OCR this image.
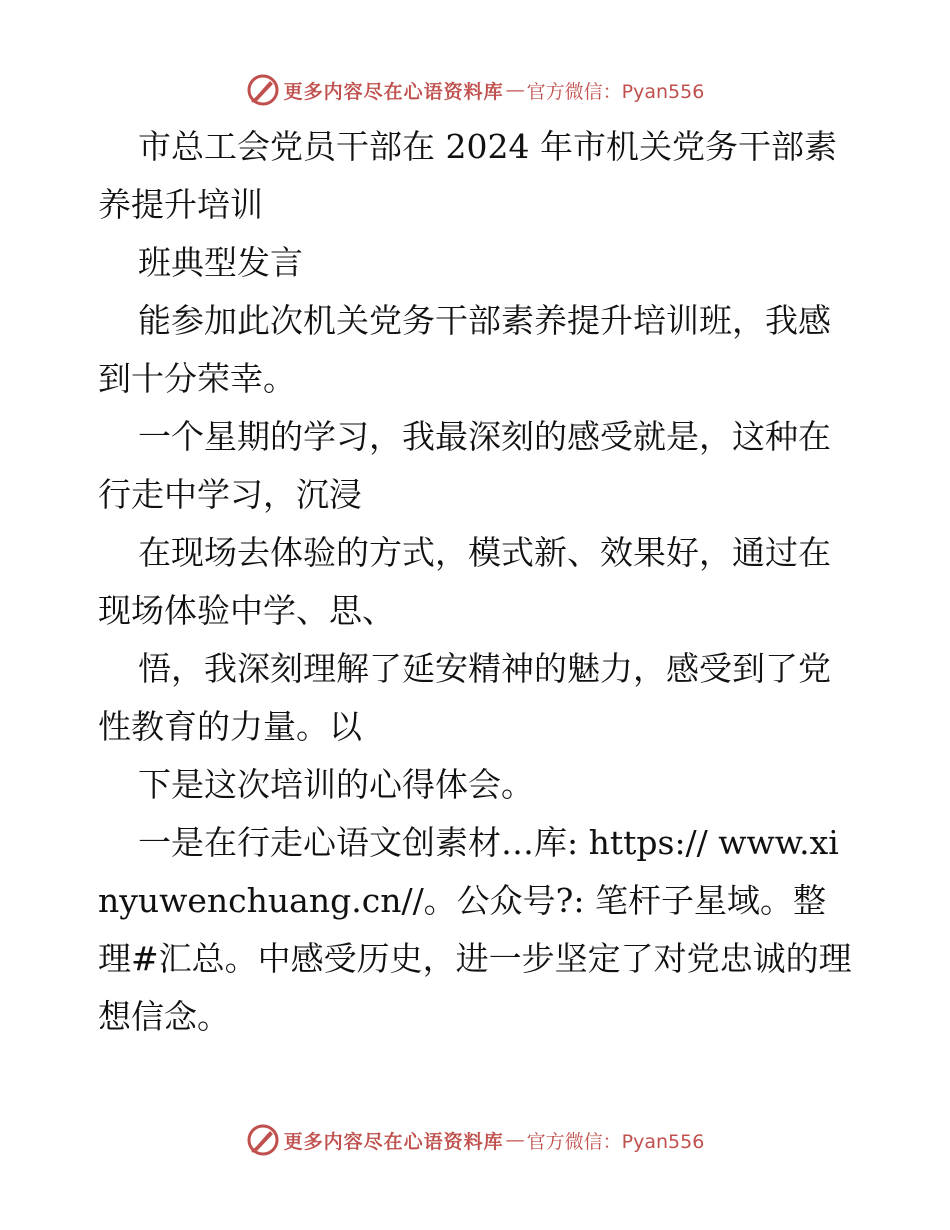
更多内容尽在心语资料库 — 官方微信：Pyan556

市总工会党员干部在 2024 年市机关党务干部素养提升培训

班典型发言

能参加此次机关党务干部素养提升培训班，我感到十分荣幸。

一个星期的学习，我最深刻的感受就是，这种在行走中学习，沉浸

在现场去体验的方式，模式新、效果好，通过在现场体验中学、思、

悟，我深刻理解了延安精神的魅力，感受到了党性教育的力量。以

下是这次培训的心得体会。

一是在行走心语文创素材…库: https:// www.xinyuwenchuang.cn//。公众号?: 笔杆子星域。整理#汇总。中感受历史，进一步坚定了对党忠诚的理想信念。

更多内容尽在心语资料库 — 官方微信：Pyan556
